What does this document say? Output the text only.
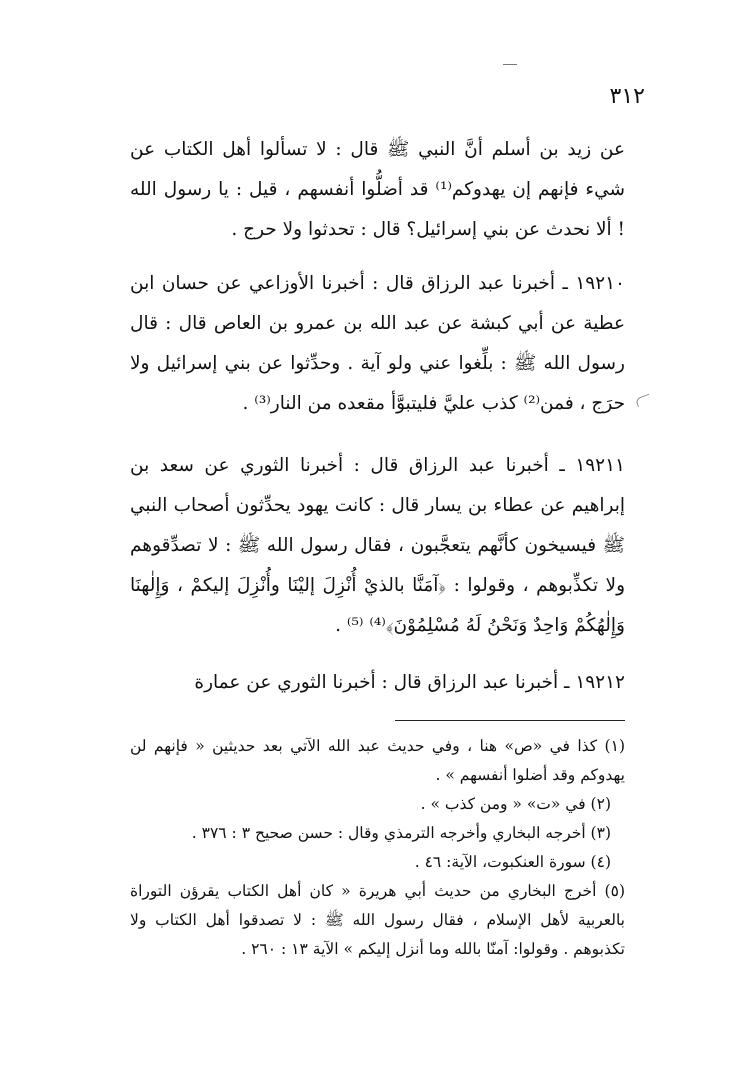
٣١٢

عن زيد بن أسلم أنَّ النبي ﷺ قال : لا تسألوا أهل الكتاب عن شيء فإنهم إن يهدوكم⁽¹⁾ قد أضلُّوا أنفسهم ، قيل : يا رسول الله ! ألا نحدث عن بني إسرائيل؟ قال : تحدثوا ولا حرج .

١٩٢١٠ ـ أخبرنا عبد الرزاق قال : أخبرنا الأوزاعي عن حسان ابن عطية عن أبي كبشة عن عبد الله بن عمرو بن العاص قال : قال رسول الله ﷺ : بلِّغوا عني ولو آية . وحدِّثوا عن بني إسرائيل ولا حرَج ، فمن⁽²⁾ كذب عليَّ فليتبوَّأ مقعده من النار⁽³⁾ .

١٩٢١١ ـ أخبرنا عبد الرزاق قال : أخبرنا الثوري عن سعد بن إبراهيم عن عطاء بن يسار قال : كانت يهود يحدِّثون أصحاب النبي ﷺ فيسيخون كأنَّهم يتعجَّبون ، فقال رسول الله ﷺ : لا تصدِّقوهم ولا تكذِّبوهم ، وقولوا : ﴿آمَنَّا بالذيْ أُنْزِلَ إليْنَا وأُنْزِلَ إليكمْ ، وَإِلٰهنَا وَإِلٰهُكُمْ وَاحِدٌ وَنَحْنُ لَهُ مُسْلِمُوْنَ﴾⁽⁴⁾ ⁽⁵⁾ .

١٩٢١٢ ـ أخبرنا عبد الرزاق قال : أخبرنا الثوري عن عمارة

(١) كذا في «ص» هنا ، وفي حديث عبد الله الآتي بعد حديثين « فإنهم لن يهدوكم وقد أضلوا أنفسهم » .

(٢) في «ت» « ومن كذب » .

(٣) أخرجه البخاري وأخرجه الترمذي وقال : حسن صحيح ٣ : ٣٧٦ .

(٤) سورة العنكبوت، الآية: ٤٦ .

(٥) أخرج البخاري من حديث أبي هريرة « كان أهل الكتاب يقرؤن التوراة بالعربية لأهل الإسلام ، فقال رسول الله ﷺ : لا تصدقوا أهل الكتاب ولا تكذبوهم . وقولوا: آمنّا بالله وما أنزل إليكم » الآية ١٣ : ٢٦٠ .
